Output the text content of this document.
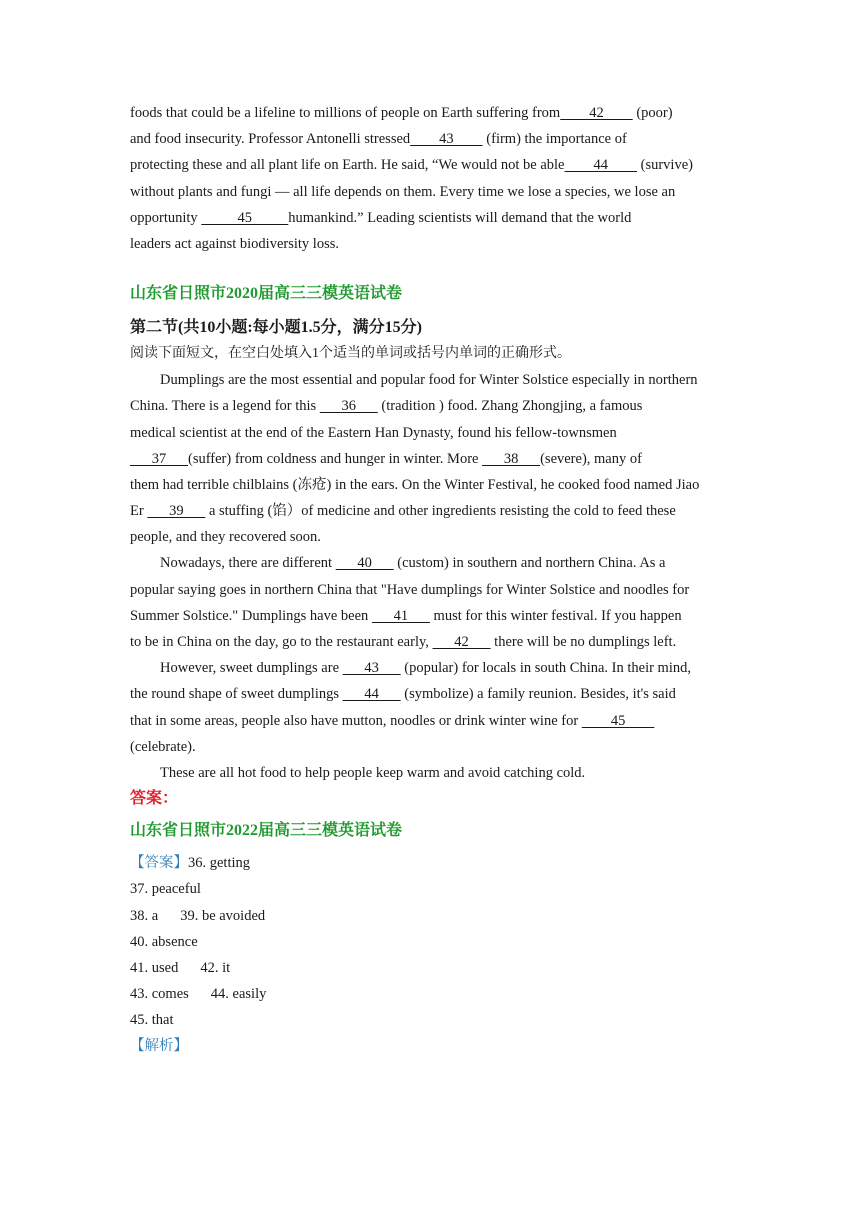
foods that could be a lifeline to millions of people on Earth suffering from    42     (poor)
and food insecurity. Professor Antonelli stressed    43     (firm) the importance of
protecting these and all plant life on Earth. He said, “We would not be able    44     (survive)
without plants and fungi — all life depends on them. Every time we lose a species, we lose an
opportunity      45     humankind.” Leading scientists will demand that the world
leaders act against biodiversity loss.
山东省日照市2020届高三三模英语试卷
第二节(共10小题:每小题1.5分，满分15分)
阅读下面短文，在空白处填入1个适当的单词或括号内单词的正确形式。
Dumplings are the most essential and popular food for Winter Solstice especially in northern
China. There is a legend for this    36    (tradition ) food. Zhang Zhongjing, a famous
medical scientist at the end of the Eastern Han Dynasty, found his fellow-townsmen
   37   (suffer) from coldness and hunger in winter. More    38   (severe), many of
them had terrible chilblains (冻疮) in the ears. On the Winter Festival, he cooked food named Jiao
Er    39    a stuffing (馅）of medicine and other ingredients resisting the cold to feed these
people, and they recovered soon.
Nowadays, there are different    40    (custom) in southern and northern China. As a
popular saying goes in northern China that "Have dumplings for Winter Solstice and noodles for
Summer Solstice." Dumplings have been    41    must for this winter festival. If you happen
to be in China on the day, go to the restaurant early,    42    there will be no dumplings left.
However, sweet dumplings are    43    (popular) for locals in south China. In their mind,
the round shape of sweet dumplings    44    (symbolize) a family reunion. Besides, it's said
that in some areas, people also have mutton, noodles or drink winter wine for     45    
(celebrate).
These are all hot food to help people keep warm and avoid catching cold.
答案：
山东省日照市2022届高三三模英语试卷
【答案】36. getting
37. peaceful
38. a 39. be avoided
40. absence
41. used 42. it
43. comes 44. easily
45. that
【解析】
